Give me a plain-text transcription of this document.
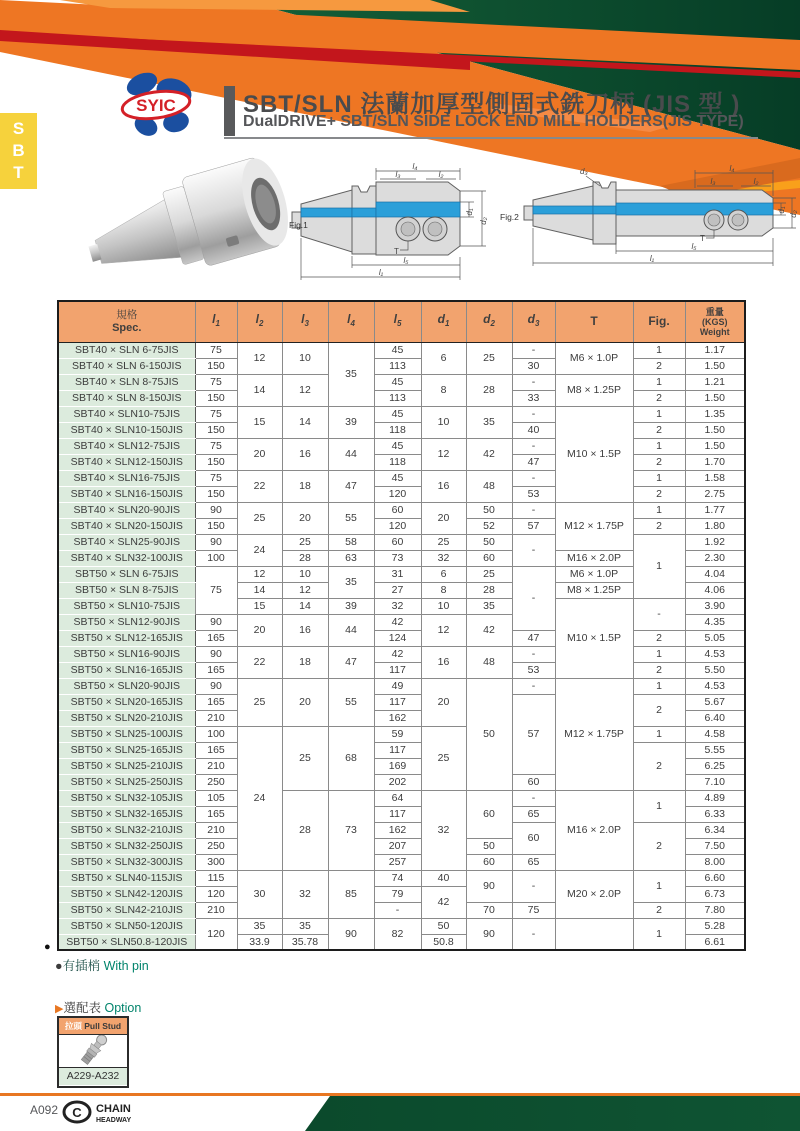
S
B
T
SYIC	SBT/SLN 法蘭加厚型側固式銑刀柄 (JIS 型 )
DualDRIVE+ SBT/SLN SIDE LOCK END MILL HOLDERS(JIS TYPE)
l₄
l₃	l₂
d₁
d₂
l₅
l₁
T
Fig.1
d₃	l₄
l₃	l₂
d₁
d₂
l₅
l₁
T
Fig.2
規格
Spec.
	$l_1$	$l_2$	$l_3$	$l_4$	$l_5$	$d_1$	$d_2$	$d_3$	T	Fig.	
重量
(KGS)
Weight

SBT40 × SLN 6-75JIS	75	12	10	35	45	6	25	-	M6 × 1.0P	1	1.17
SBT40 × SLN 6-150JIS	150				113			30		2	1.50
SBT40 × SLN 8-75JIS	75	14	12		45	8	28	-	M8 × 1.25P	1	1.21
SBT40 × SLN 8-150JIS	150				113			33		2	1.50
SBT40 × SLN10-75JIS	75	15	14	39	45	10	35	-	M10 × 1.5P	1	1.35
SBT40 × SLN10-150JIS	150				118			40		2	1.50
SBT40 × SLN12-75JIS	75	20	16	44	45	12	42	-		1	1.50
SBT40 × SLN12-150JIS	150				118			47		2	1.70
SBT40 × SLN16-75JIS	75	22	18	47	45	16	48	-		1	1.58
SBT40 × SLN16-150JIS	150				120			53		2	2.75
SBT40 × SLN20-90JIS	90	25	20	55	60	20	50	-	M12 × 1.75P	1	1.77
SBT40 × SLN20-150JIS	150				120		52	57		2	1.80
SBT40 × SLN25-90JIS	90	24	25	58	60	25	50	-		1	1.92
SBT40 × SLN32-100JIS	100		28	63	73	32	60		M16 × 2.0P		2.30
SBT50 × SLN 6-75JIS	75	12	10	35	31	6	25	-	M6 × 1.0P		4.04
SBT50 × SLN 8-75JIS		14	12		27	8	28		M8 × 1.25P		4.06
SBT50 × SLN10-75JIS		15	14	39	32	10	35		M10 × 1.5P	-	3.90
SBT50 × SLN12-90JIS	90	20	16	44	42	12	42				4.35
SBT50 × SLN12-165JIS	165				124			47		2	5.05
SBT50 × SLN16-90JIS	90	22	18	47	42	16	48	-		1	4.53
SBT50 × SLN16-165JIS	165				117			53		2	5.50
SBT50 × SLN20-90JIS	90	25	20	55	49	20	50	-	M12 × 1.75P	1	4.53
SBT50 × SLN20-165JIS	165				117			57		2	5.67
SBT50 × SLN20-210JIS	210				162						6.40
SBT50 × SLN25-100JIS	100	24	25	68	59	25				1	4.58
SBT50 × SLN25-165JIS	165				117					2	5.55
SBT50 × SLN25-210JIS	210				169						6.25
SBT50 × SLN25-250JIS	250				202			60			7.10
SBT50 × SLN32-105JIS	105		28	73	64	32	60	-	M16 × 2.0P	1	4.89
SBT50 × SLN32-165JIS	165				117			65			6.33
SBT50 × SLN32-210JIS	210				162			60		2	6.34
SBT50 × SLN32-250JIS	250				207		50				7.50
SBT50 × SLN32-300JIS	300				257		60	65			8.00
SBT50 × SLN40-115JIS	115	30	32	85	74	40	90	-	M20 × 2.0P	1	6.60
SBT50 × SLN42-120JIS	120				79	42					6.73
SBT50 × SLN42-210JIS	210				-		70	75		2	7.80
SBT50 × SLN50-120JIS	120	35	35	90	82	50	90	-		1	5.28
SBT50 × SLN50.8-120JIS		33.9	35.78			50.8					6.61
●
●有插梢 With pin
▶選配表 Option
拉頭 Pull Stud
A229-A232
A092 C CHAIN
HEADWAY
